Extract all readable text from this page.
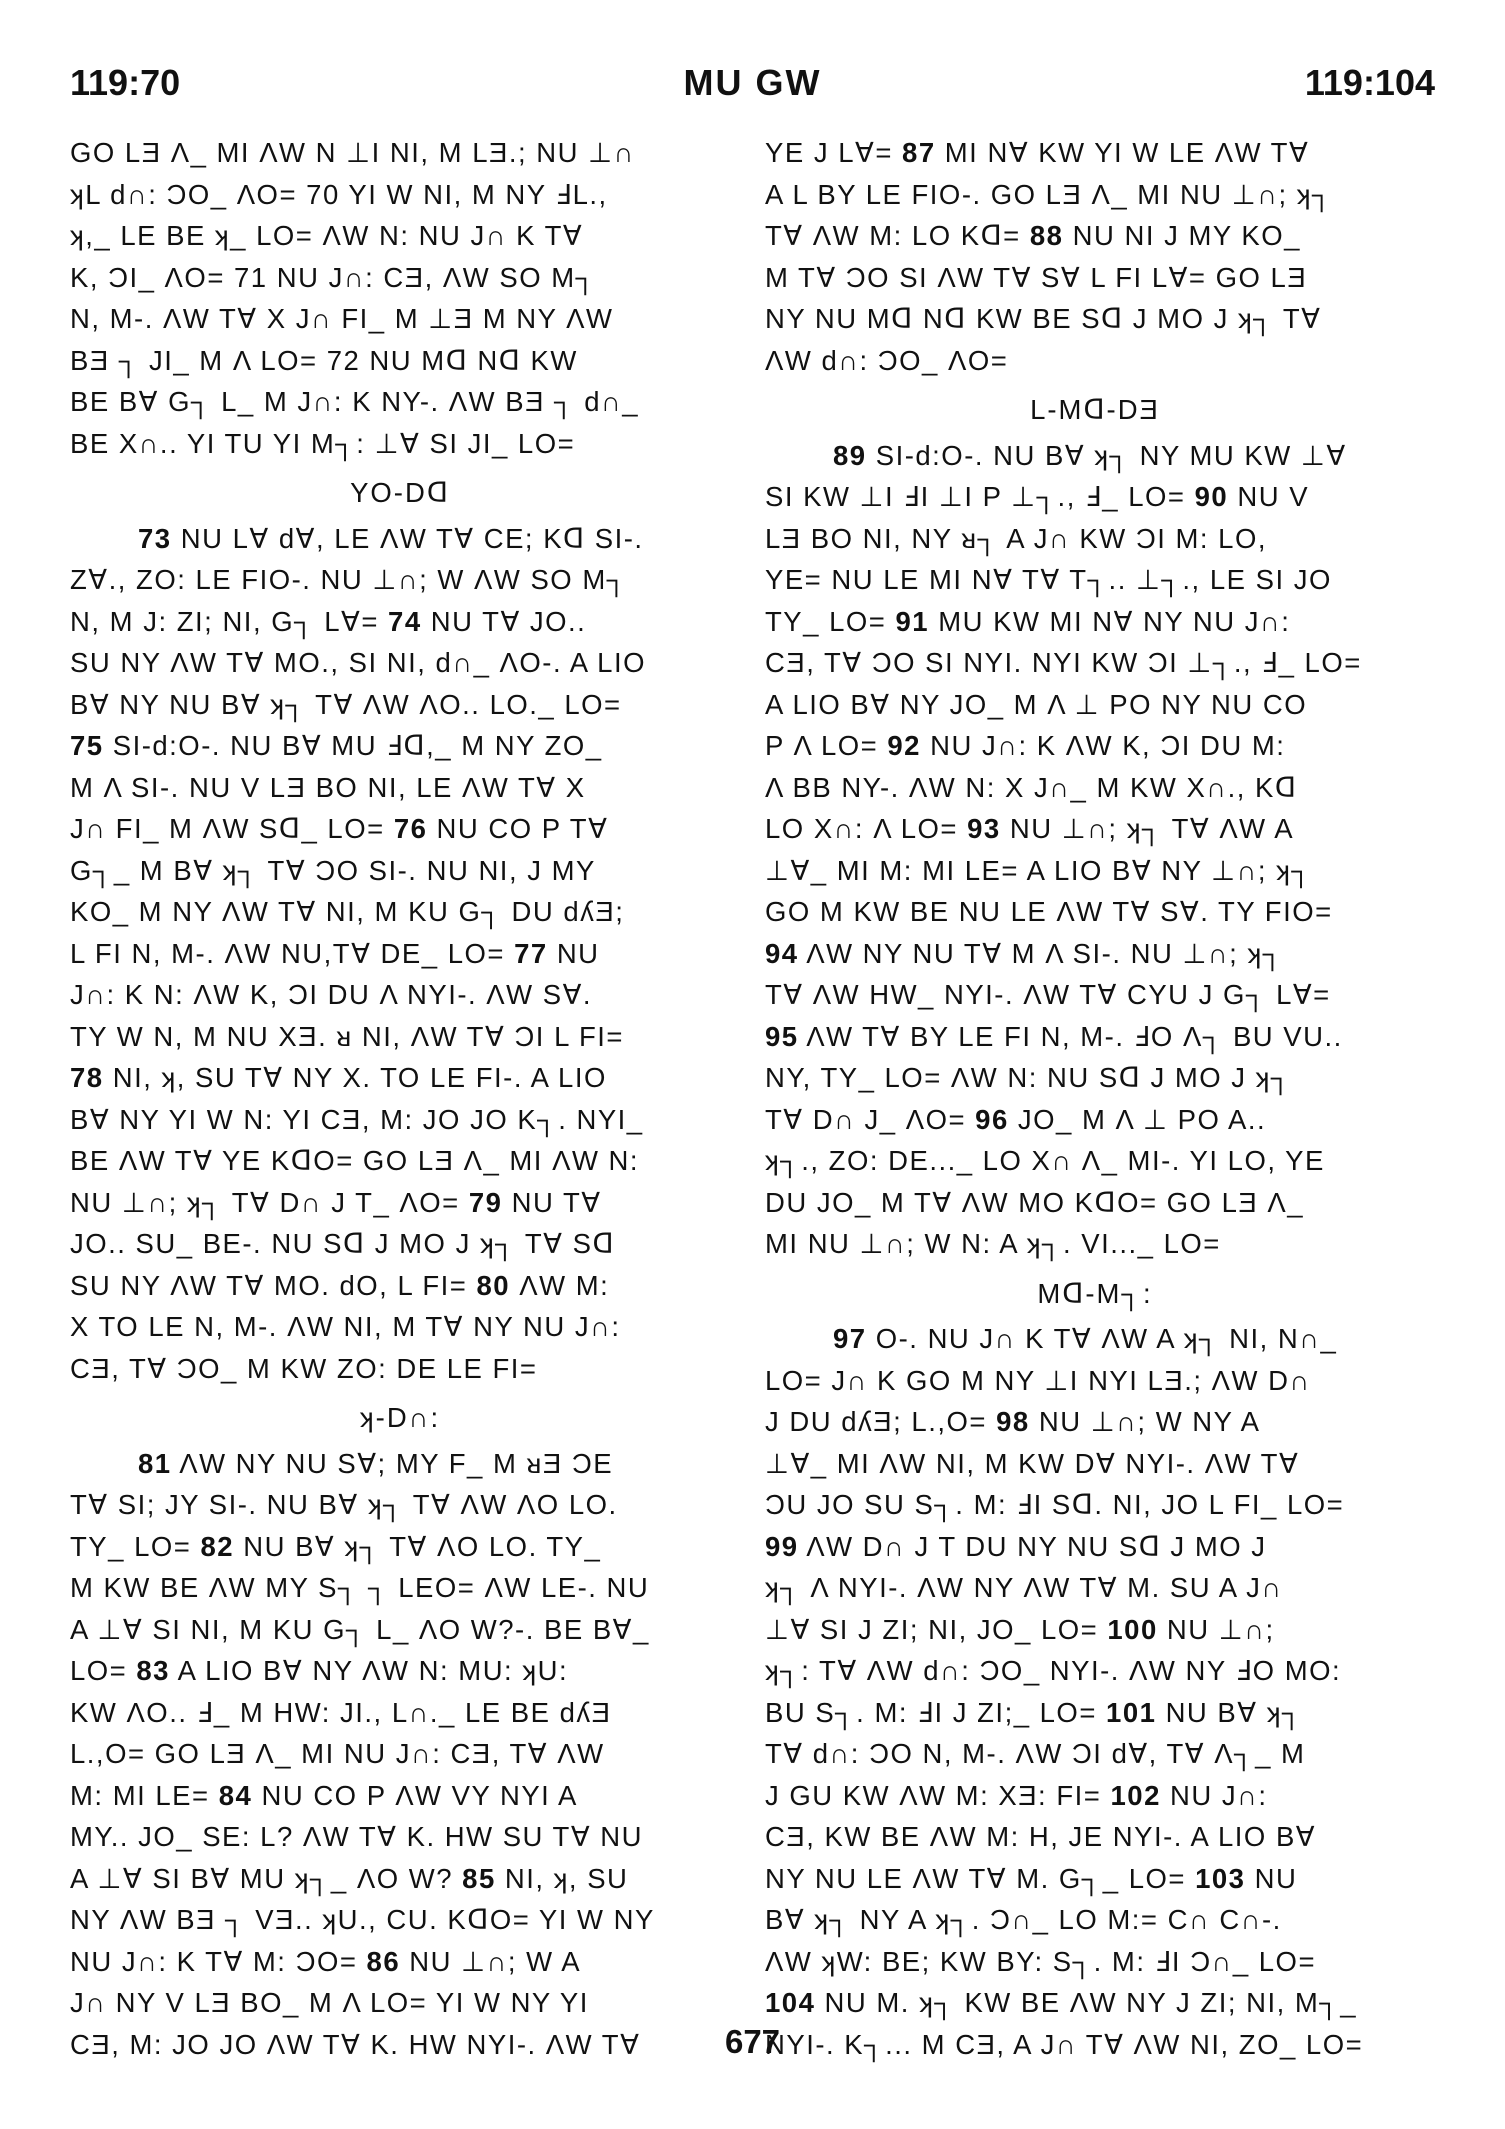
119:70	MU GW	119:104
GO LƎ Λ_ MI ΛW N ⊥I NI, M LƎ.; NU ⊥∩
ʞL d∩: ƆO_ ΛO= 70 YI W NI, M NY ℲL.,
ʞ,_ LE BE ʞ_ LO= ΛW N: NU J∩ K T∀
K, ƆI_ ΛO= 71 NU J∩: CƎ, ΛW SO M┐
N, M-. ΛW T∀ X J∩ FI_ M ⊥Ǝ M NY ΛW
BƎ ┐ JI_ M Λ LO= 72 NU Mᗡ Nᗡ KW
BE B∀ G┐ L_ M J∩: K NY-. ΛW BƎ ┐ d∩_
BE X∩.. YI TU YI M┐: ⊥∀ SI JI_ LO=
YO-Dᗡ
73 NU L∀ d∀, LE ΛW T∀ CE; Kᗡ SI-.
Z∀., ZO: LE FIO-. NU ⊥∩; W ΛW SO M┐
N, M J: ZI; NI, G┐ L∀= 74 NU T∀ JO..
SU NY ΛW T∀ MO., SI NI, d∩_ ΛO-. A LIO
B∀ NY NU B∀ ʞ┐ T∀ ΛW ΛO.. LO._ LO=
75 SI-d:O-. NU B∀ MU Ⅎᗡ,_ M NY ZO_
M Λ SI-. NU V LƎ BO NI, LE ΛW T∀ X
J∩ FI_ M ΛW Sᗡ_ LO= 76 NU CO P T∀
G┐_ M B∀ ʞ┐ T∀ ƆO SI-. NU NI, J MY
KO_ M NY ΛW T∀ NI, M KU G┐ DU dʎƎ;
L FI N, M-. ΛW NU,T∀ DE_ LO= 77 NU
J∩: K N: ΛW K, ƆI DU Λ NYI-. ΛW S∀.
TY W N, M NU XƎ. ᴚ NI, ΛW T∀ ƆI L FI=
78 NI, ʞ, SU T∀ NY X. TO LE FI-. A LIO
B∀ NY YI W N: YI CƎ, M: JO JO K┐. NYI_
BE ΛW T∀ YE KᗡO= GO LƎ Λ_ MI ΛW N:
NU ⊥∩; ʞ┐ T∀ D∩ J T_ ΛO= 79 NU T∀
JO.. SU_ BE-. NU Sᗡ J MO J ʞ┐ T∀ Sᗡ
SU NY ΛW T∀ MO. dO, L FI= 80 ΛW M:
X TO LE N, M-. ΛW NI, M T∀ NY NU J∩:
CƎ, T∀ ƆO_ M KW ZO: DE LE FI=
ʞ-D∩:
81 ΛW NY NU S∀; MY F_ M ᴚƎ ƆE
T∀ SI; JY SI-. NU B∀ ʞ┐ T∀ ΛW ΛO LO.
TY_ LO= 82 NU B∀ ʞ┐ T∀ ΛO LO. TY_
M KW BE ΛW MY S┐ ┐ LEO= ΛW LE-. NU
A ⊥∀ SI NI, M KU G┐ L_ ΛO W?-. BE B∀_
LO= 83 A LIO B∀ NY ΛW N: MU: ʞU:
KW ΛO.. Ⅎ_ M HW: JI., L∩._ LE BE dʎƎ
L.,O= GO LƎ Λ_ MI NU J∩: CƎ, T∀ ΛW
M: MI LE= 84 NU CO P ΛW VY NYI A
MY.. JO_ SE: L? ΛW T∀ K. HW SU T∀ NU
A ⊥∀ SI B∀ MU ʞ┐_ ΛO W? 85 NI, ʞ, SU
NY ΛW BƎ ┐ VƎ.. ʞU., CU. KᗡO= YI W NY
NU J∩: K T∀ M: ƆO= 86 NU ⊥∩; W A
J∩ NY V LƎ BO_ M Λ LO= YI W NY YI
CƎ, M: JO JO ΛW T∀ K. HW NYI-. ΛW T∀
YE J L∀= 87 MI N∀ KW YI W LE ΛW T∀
A L BY LE FIO-. GO LƎ Λ_ MI NU ⊥∩; ʞ┐
T∀ ΛW M: LO Kᗡ= 88 NU NI J MY KO_
M T∀ ƆO SI ΛW T∀ S∀ L FI L∀= GO LƎ
NY NU Mᗡ Nᗡ KW BE Sᗡ J MO J ʞ┐ T∀
ΛW d∩: ƆO_ ΛO=
L-Mᗡ-DƎ
89 SI-d:O-. NU B∀ ʞ┐ NY MU KW ⊥∀
SI KW ⊥I ℲI ⊥I P ⊥┐., Ⅎ_ LO= 90 NU V
LƎ BO NI, NY ᴚ┐ A J∩ KW ƆI M: LO,
YE= NU LE MI N∀ T∀ T┐.. ⊥┐., LE SI JO
TY_ LO= 91 MU KW MI N∀ NY NU J∩:
CƎ, T∀ ƆO SI NYI. NYI KW ƆI ⊥┐., Ⅎ_ LO=
A LIO B∀ NY JO_ M Λ ⊥ PO NY NU CO
P Λ LO= 92 NU J∩: K ΛW K, ƆI DU M:
Λ BB NY-. ΛW N: X J∩_ M KW X∩., Kᗡ
LO X∩: Λ LO= 93 NU ⊥∩; ʞ┐ T∀ ΛW A
⊥∀_ MI M: MI LE= A LIO B∀ NY ⊥∩; ʞ┐
GO M KW BE NU LE ΛW T∀ S∀. TY FIO=
94 ΛW NY NU T∀ M Λ SI-. NU ⊥∩; ʞ┐
T∀ ΛW HW_ NYI-. ΛW T∀ CYU J G┐ L∀=
95 ΛW T∀ BY LE FI N, M-. ℲO Λ┐ BU VU..
NY, TY_ LO= ΛW N: NU Sᗡ J MO J ʞ┐
T∀ D∩ J_ ΛO= 96 JO_ M Λ ⊥ PO A..
ʞ┐., ZO: DE..._ LO X∩ Λ_ MI-. YI LO, YE
DU JO_ M T∀ ΛW MO KᗡO= GO LƎ Λ_
MI NU ⊥∩; W N: A ʞ┐. VI..._ LO=
Mᗡ-M┐:
97 O-. NU J∩ K T∀ ΛW A ʞ┐ NI, N∩_
LO= J∩ K GO M NY ⊥I NYI LƎ.; ΛW D∩
J DU dʎƎ; L.,O= 98 NU ⊥∩; W NY A
⊥∀_ MI ΛW NI, M KW D∀ NYI-. ΛW T∀
ƆU JO SU S┐. M: ℲI Sᗡ. NI, JO L FI_ LO=
99 ΛW D∩ J T DU NY NU Sᗡ J MO J
ʞ┐ Λ NYI-. ΛW NY ΛW T∀ M. SU A J∩
⊥∀ SI J ZI; NI, JO_ LO= 100 NU ⊥∩;
ʞ┐: T∀ ΛW d∩: ƆO_ NYI-. ΛW NY ℲO MO:
BU S┐. M: ℲI J ZI;_ LO= 101 NU B∀ ʞ┐
T∀ d∩: ƆO N, M-. ΛW ƆI d∀, T∀ Λ┐_ M
J GU KW ΛW M: XƎ: FI= 102 NU J∩:
CƎ, KW BE ΛW M: H, JE NYI-. A LIO B∀
NY NU LE ΛW T∀ M. G┐_ LO= 103 NU
B∀ ʞ┐ NY A ʞ┐. Ɔ∩_ LO M:= C∩ C∩-.
ΛW ʞW: BE; KW BY: S┐. M: ℲI Ɔ∩_ LO=
104 NU M. ʞ┐ KW BE ΛW NY J ZI; NI, M┐_
NYI-. K┐... M CƎ, A J∩ T∀ ΛW NI, ZO_ LO=
677
